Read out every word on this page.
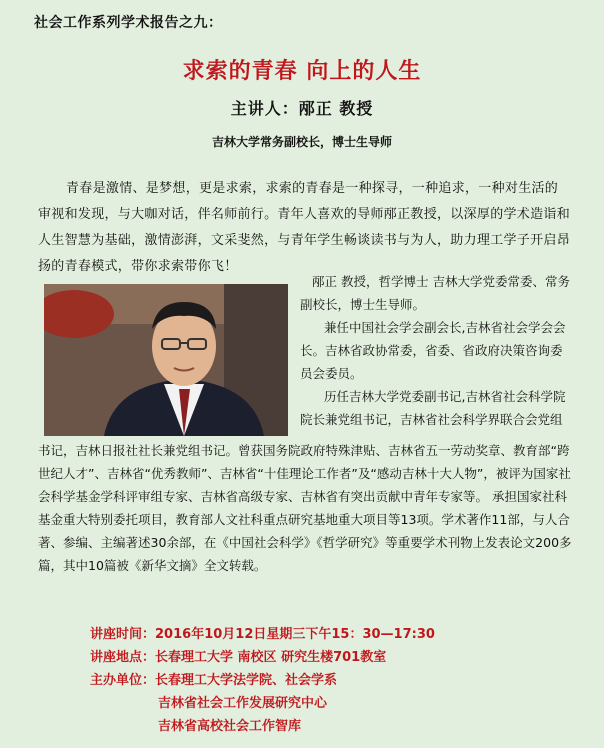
社会工作系列学术报告之九：
求索的青春 向上的人生
主讲人：邴正 教授
吉林大学常务副校长，博士生导师

青春是激情、是梦想，更是求索，求索的青春是一种探寻，一种追求，一种对生活的审视和发现，与大咖对话，伴名师前行。青年人喜欢的导师邴正教授，以深厚的学术造诣和人生智慧为基础，激情澎湃，文采斐然，与青年学生畅谈读书与为人，助力理工学子开启昂扬的青春模式，带你求索带你飞！

邴正 教授，哲学博士 吉林大学党委常委、常务副校长，博士生导师。

兼任中国社会学会副会长,吉林省社会学会会长。吉林省政协常委，省委、省政府决策咨询委员会委员。

历任吉林大学党委副书记,吉林省社会科学院院长兼党组书记，吉林省社会科学界联合会党组

书记，吉林日报社社长兼党组书记。曾获国务院政府特殊津贴、吉林省五一劳动奖章、教育部“跨世纪人才”、吉林省“优秀教师”、吉林省“十佳理论工作者”及“感动吉林十大人物”，被评为国家社会科学基金学科评审组专家、吉林省高级专家、吉林省有突出贡献中青年专家等。 承担国家社科基金重大特别委托项目，教育部人文社科重点研究基地重大项目等13项。学术著作11部，与人合著、参编、主编著述30余部，在《中国社会科学》《哲学研究》等重要学术刊物上发表论文200多篇，其中10篇被《新华文摘》全文转载。

讲座时间： 2016年10月12日星期三下午15：30—17:30
讲座地点： 长春理工大学 南校区 研究生楼701教室
主办单位： 长春理工大学法学院、社会学系
吉林省社会工作发展研究中心
吉林省高校社会工作智库
